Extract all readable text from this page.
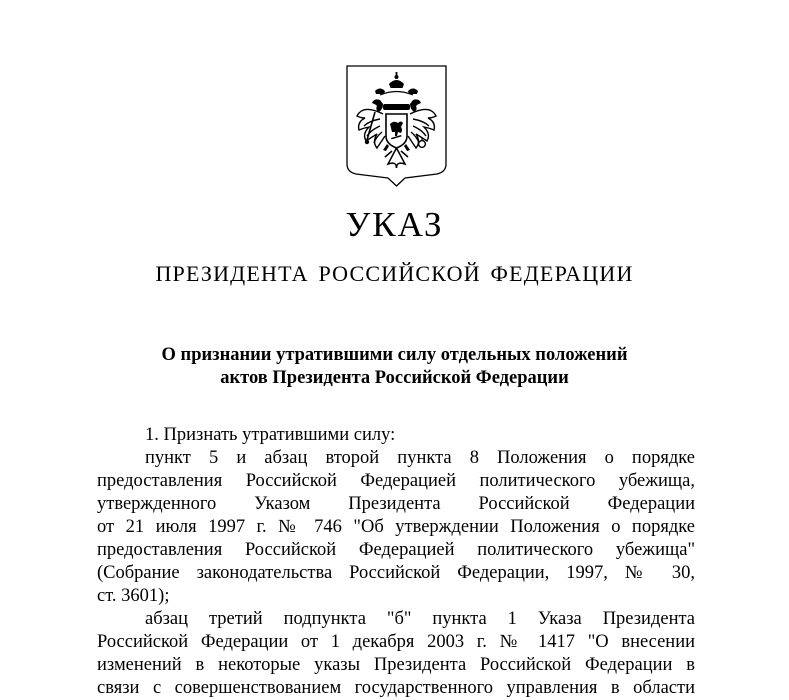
УКАЗ
ПРЕЗИДЕНТА РОССИЙСКОЙ ФЕДЕРАЦИИ
О признании утратившими силу отдельных положений
актов Президента Российской Федерации
1. Признать утратившими силу:
пункт 5 и абзац второй пункта 8 Положения о порядке
предоставления Российской Федерацией политического убежища,
утвержденного Указом Президента Российской Федерации
от 21 июля 1997 г. № 746 "Об утверждении Положения о порядке
предоставления Российской Федерацией политического убежища"
(Собрание законодательства Российской Федерации, 1997, № 30,
ст. 3601);
абзац третий подпункта "б" пункта 1 Указа Президента
Российской Федерации от 1 декабря 2003 г. № 1417 "О внесении
изменений в некоторые указы Президента Российской Федерации в
связи с совершенствованием государственного управления в области
